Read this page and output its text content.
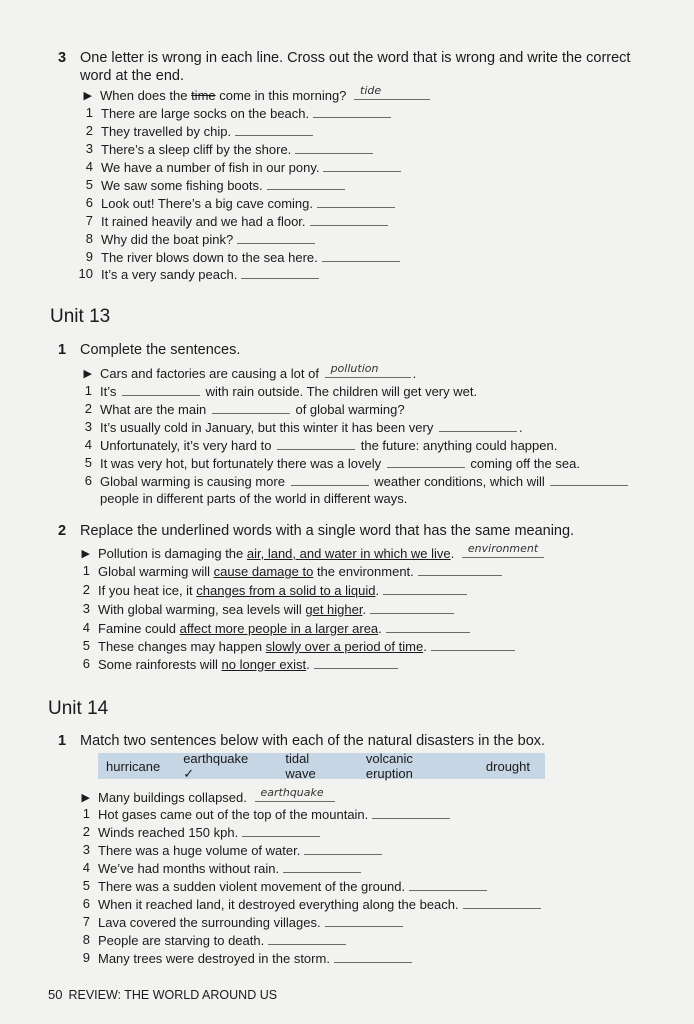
3 One letter is wrong in each line. Cross out the word that is wrong and write the correct
word at the end.
▶ When does the time come in this morning? tide
1 There are large socks on the beach.
2 They travelled by chip.
3 There’s a sleep cliff by the shore.
4 We have a number of fish in our pony.
5 We saw some fishing boots.
6 Look out! There’s a big cave coming.
7 It rained heavily and we had a floor.
8 Why did the boat pink?
9 The river blows down to the sea here.
10 It’s a very sandy peach.
Unit 13
1 Complete the sentences.
▶ Cars and factories are causing a lot of pollution	.
1 It’s	with rain outside. The children will get very wet.
2 What are the main	of global warming?
3 It’s usually cold in January, but this winter it has been very	.
4 Unfortunately, it’s very hard to	the future: anything could happen.
5 It was very hot, but fortunately there was a lovely	coming off the sea.
6 Global warming is causing more	weather conditions, which will
people in different parts of the world in different ways.
2 Replace the underlined words with a single word that has the same meaning.
▶ Pollution is damaging the air, land, and water in which we live. environment
1 Global warming will cause damage to the environment.
2 If you heat ice, it changes from a solid to a liquid.
3 With global warming, sea levels will get higher.
4 Famine could affect more people in a larger area.
5 These changes may happen slowly over a period of time.
6 Some rainforests will no longer exist.
Unit 14
1 Match two sentences below with each of the natural disasters in the box.
hurricane
earthquake ✓
tidal wave
volcanic eruption	drought
▶ Many buildings collapsed. earthquake
1 Hot gases came out of the top of the mountain.
2 Winds reached 150 kph.
3 There was a huge volume of water.
4 We’ve had months without rain.
5 There was a sudden violent movement of the ground.
6 When it reached land, it destroyed everything along the beach.
7 Lava covered the surrounding villages.
8 People are starving to death.
9 Many trees were destroyed in the storm.
50 REVIEW: THE WORLD AROUND US
